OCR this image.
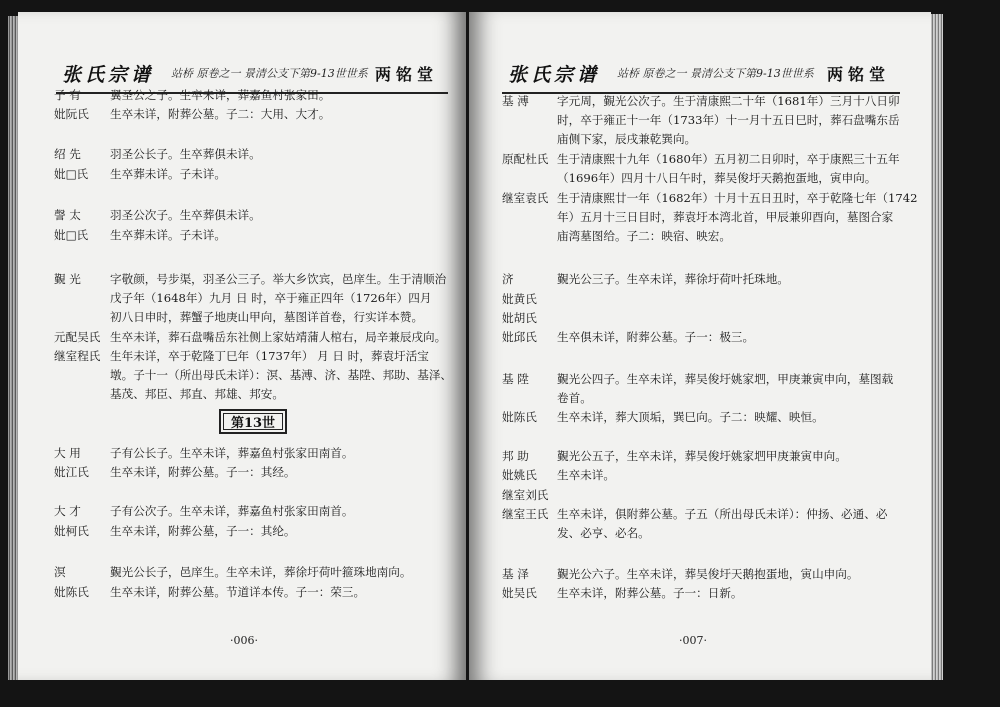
张氏宗谱 站桥 原卷之一 景清公支下第9-13世世系 两铭堂
子 有	翼圣公之子。生卒未详，葬嘉鱼村张家田。
妣阮氏 生卒未详，附葬公墓。子二：大用、大才。
绍 先	羽圣公长子。生卒葬俱未详。
妣□氏 生卒葬未详。子未详。
謦 太	羽圣公次子。生卒葬俱未详。
妣□氏 生卒葬未详。子未详。
覲 光	字敬颜，号步渠，羽圣公三子。举大乡饮宾，邑庠生。生于清顺治
戊子年（1648年）九月 日 时，卒于雍正四年（1726年）四月
初八日申时，葬蟹子地庚山甲向，墓图详首卷，行实详本赞。
元配吴氏 生卒未详，葬石盘嘴岳东社侧上家姑靖蒲人棺右，局辛兼辰戌向。
继室程氏 生年未详，卒于乾隆丁巳年（1737年） 月 日 时，葬袁圩活宝
墩。子十一（所出母氏未详）：溟、基溥、济、基陞、邦助、基泽、
基茂、邦臣、邦直、邦雄、邦安。
大 用	子有公长子。生卒未详，葬嘉鱼村张家田南首。
妣江氏 生卒未详，附葬公墓。子一：其经。
大 才	子有公次子。生卒未详，葬嘉鱼村张家田南首。
妣柯氏 生卒未详，附葬公墓，子一：其纶。
溟	覲光公长子，邑庠生。生卒未详，葬徐圩荷叶箍珠地南向。
妣陈氏 生卒未详，附葬公墓。节道详本传。子一：荣三。
第13世
·006·
张氏宗谱 站桥 原卷之一 景清公支下第9-13世世系 两铭堂
基 溥 字元周，覲光公次子。生于清康熙二十年（1681年）三月十八日卯
时，卒于雍正十一年（1733年）十一月十五日巳时，葬石盘嘴东岳
庙侧下家，辰戌兼乾巽向。
原配杜氏 生于清康熙十九年（1680年）五月初二日卯时，卒于康熙三十五年
（1696年）四月十八日午时，葬吴俊圩天鹅抱蛋地，寅申向。
继室袁氏 生于清康熙廿一年（1682年）十月十五日丑时，卒于乾隆七年（1742
年）五月十三日目时，葬袁圩本湾北首，甲辰兼卯酉向，墓图合家
庙湾墓图给。子二：映宿、映宏。
济	覲光公三子。生卒未详，葬徐圩荷叶托珠地。
妣黄氏
妣胡氏
妣邱氏 生卒俱未详，附葬公墓。子一：极三。
基 陞 覲光公四子。生卒未详，葬吴俊圩姚家垇，甲庚兼寅申向，墓图载
卷首。
妣陈氏 生卒未详，葬大顶垢，巽巳向。子二：映耀、映恒。
邦 助 覲光公五子，生卒未详，葬吴俊圩姚家垇甲庚兼寅申向。
妣姚氏 生卒未详。
继室刘氏
继室王氏 生卒未详，俱附葬公墓。子五（所出母氏未详）：仲扬、必通、必
发、必亨、必名。
基 泽 覲光公六子。生卒未详，葬吴俊圩天鹅抱蛋地，寅山申向。
妣吴氏 生卒未详，附葬公墓。子一：日新。
·007·
